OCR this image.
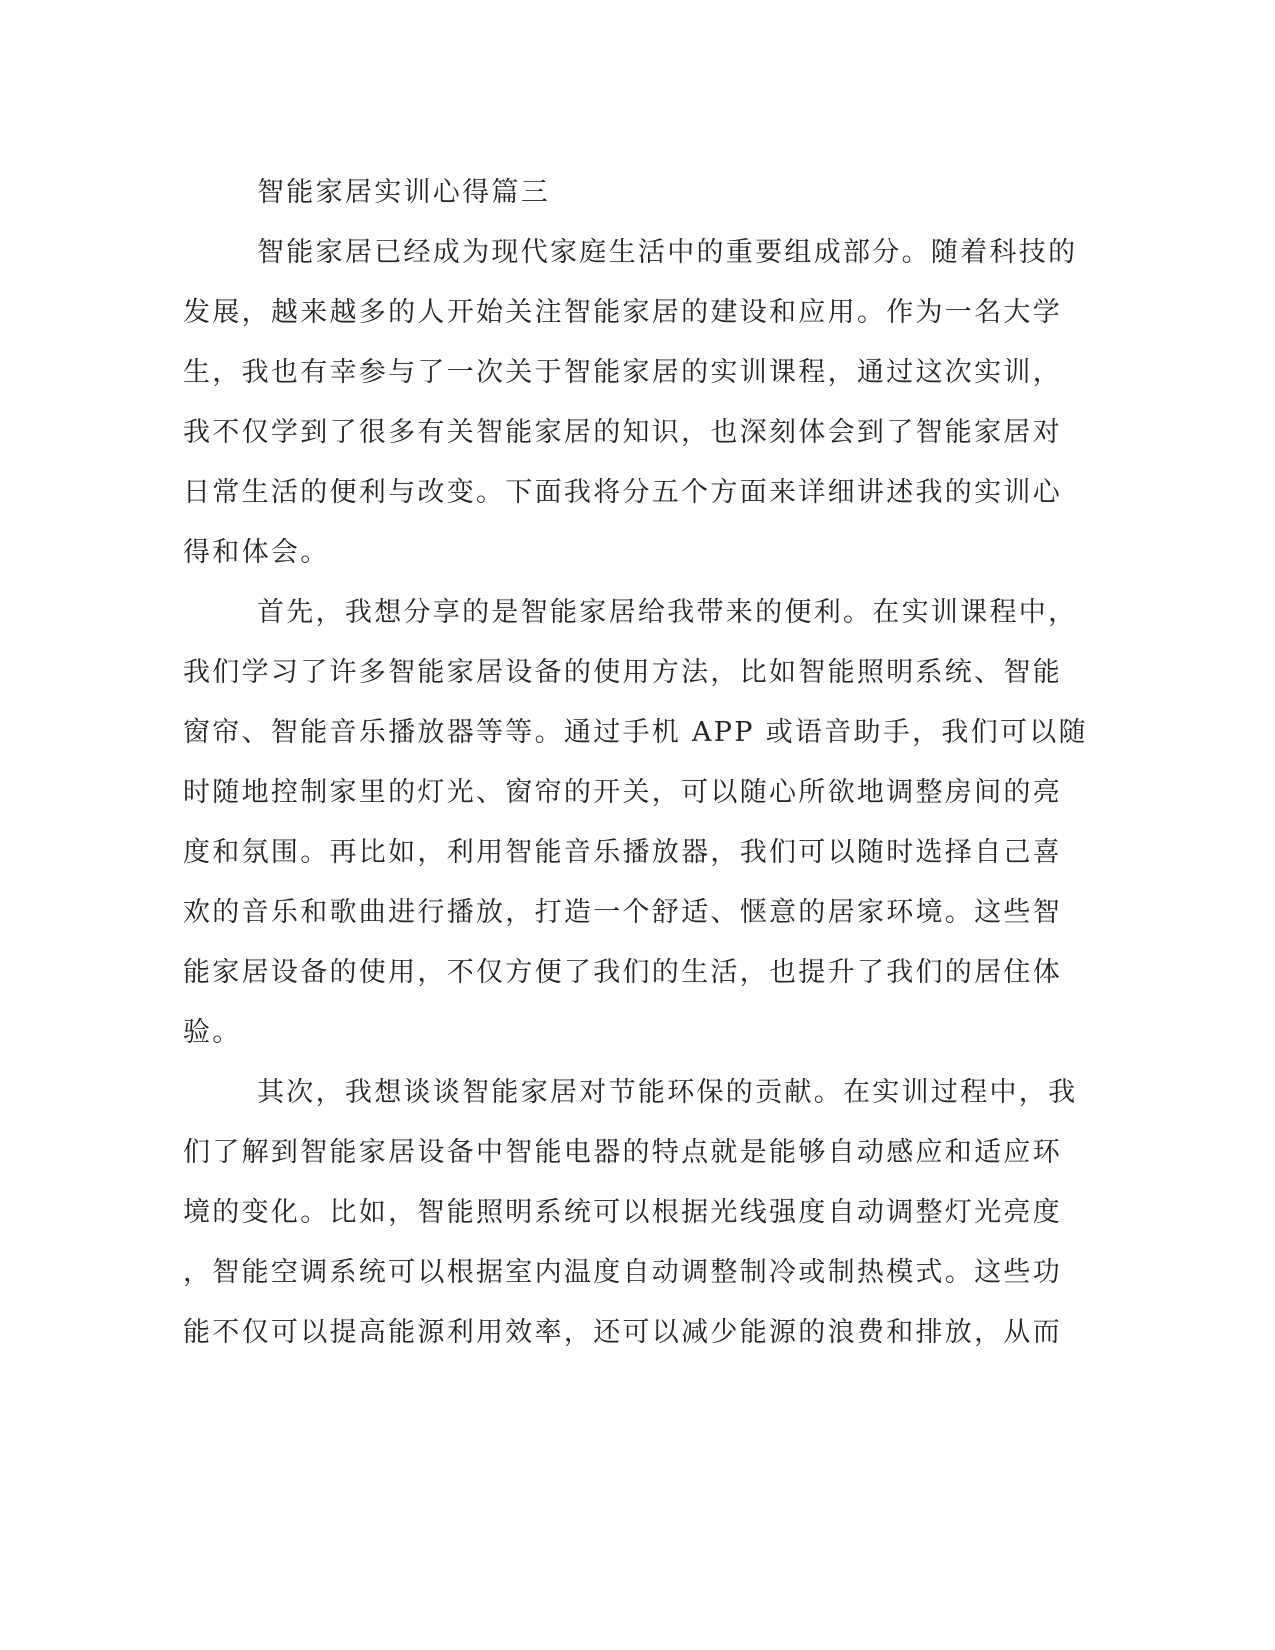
智能家居实训心得篇三
智能家居已经成为现代家庭生活中的重要组成部分。随着科技的
发展，越来越多的人开始关注智能家居的建设和应用。作为一名大学
生，我也有幸参与了一次关于智能家居的实训课程，通过这次实训，
我不仅学到了很多有关智能家居的知识，也深刻体会到了智能家居对
日常生活的便利与改变。下面我将分五个方面来详细讲述我的实训心
得和体会。
首先，我想分享的是智能家居给我带来的便利。在实训课程中，
我们学习了许多智能家居设备的使用方法，比如智能照明系统、智能
窗帘、智能音乐播放器等等。通过手机 APP 或语音助手，我们可以随
时随地控制家里的灯光、窗帘的开关，可以随心所欲地调整房间的亮
度和氛围。再比如，利用智能音乐播放器，我们可以随时选择自己喜
欢的音乐和歌曲进行播放，打造一个舒适、惬意的居家环境。这些智
能家居设备的使用，不仅方便了我们的生活，也提升了我们的居住体
验。
其次，我想谈谈智能家居对节能环保的贡献。在实训过程中，我
们了解到智能家居设备中智能电器的特点就是能够自动感应和适应环
境的变化。比如，智能照明系统可以根据光线强度自动调整灯光亮度
，智能空调系统可以根据室内温度自动调整制冷或制热模式。这些功
能不仅可以提高能源利用效率，还可以减少能源的浪费和排放，从而
